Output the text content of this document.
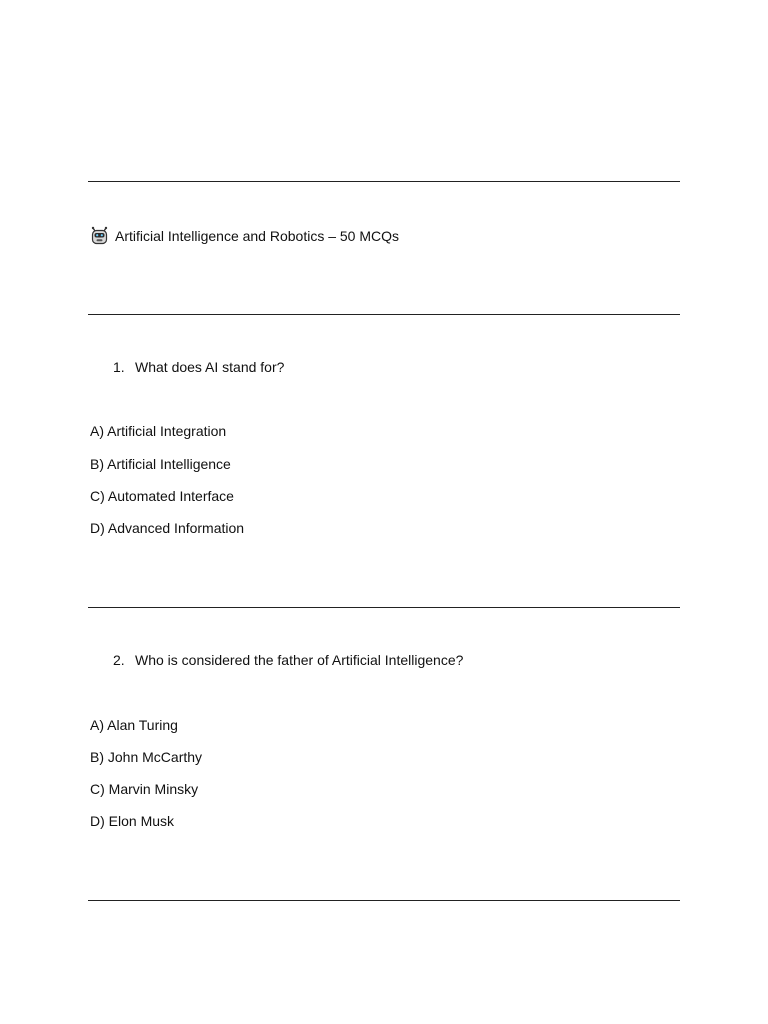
Artificial Intelligence and Robotics – 50 MCQs
1. What does AI stand for?
A) Artificial Integration
B) Artificial Intelligence
C) Automated Interface
D) Advanced Information
2. Who is considered the father of Artificial Intelligence?
A) Alan Turing
B) John McCarthy
C) Marvin Minsky
D) Elon Musk
